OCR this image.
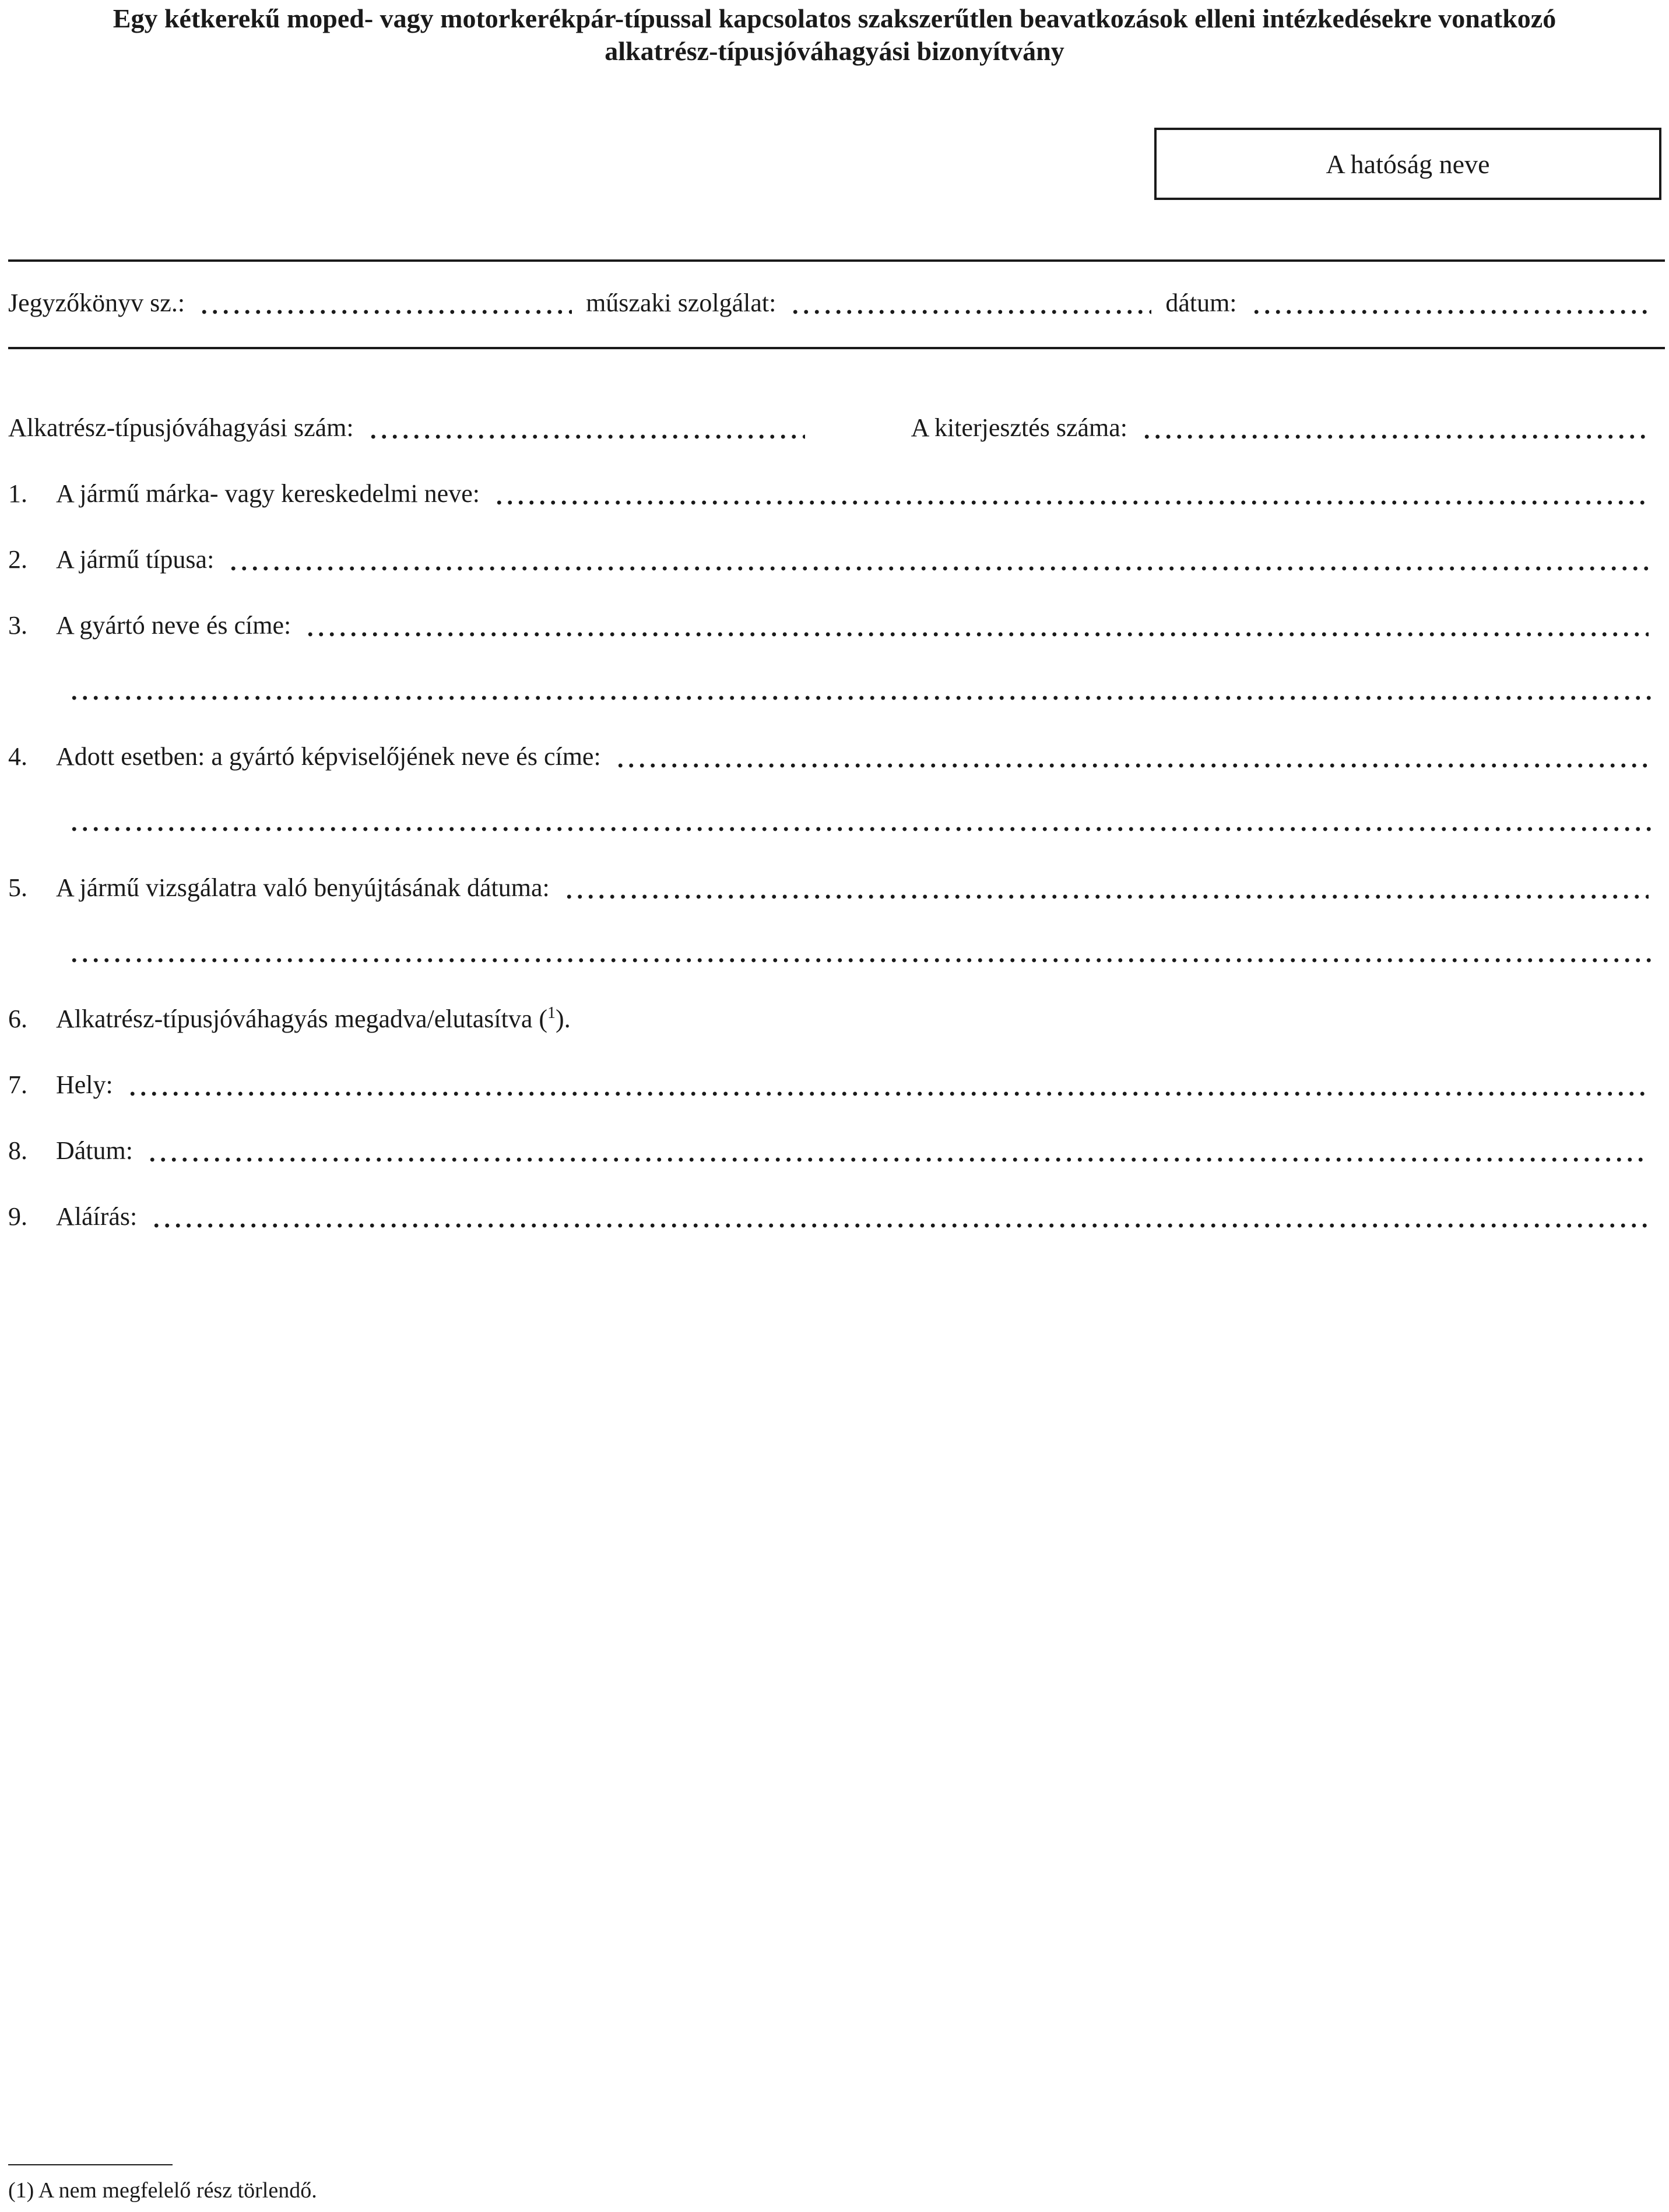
Egy kétkerekű moped- vagy motorkerékpár-típussal kapcsolatos szakszerűtlen beavatkozások elleni intézkedésekre vonatkozó
alkatrész-típusjóváhagyási bizonyítvány
A hatóság neve
Jegyzőkönyv sz.:	műszaki szolgálat:	dátum:
Alkatrész-típusjóváhagyási szám:	A kiterjesztés száma:
1.	A jármű márka- vagy kereskedelmi neve:
2.	A jármű típusa:
3.	A gyártó neve és címe:
4.	Adott esetben: a gyártó képviselőjének neve és címe:
5.	A jármű vizsgálatra való benyújtásának dátuma:
6.	Alkatrész-típusjóváhagyás megadva/elutasítva ($^1$).
7.	Hely:
8.	Dátum:
9.	Aláírás:
(1) A nem megfelelő rész törlendő.
